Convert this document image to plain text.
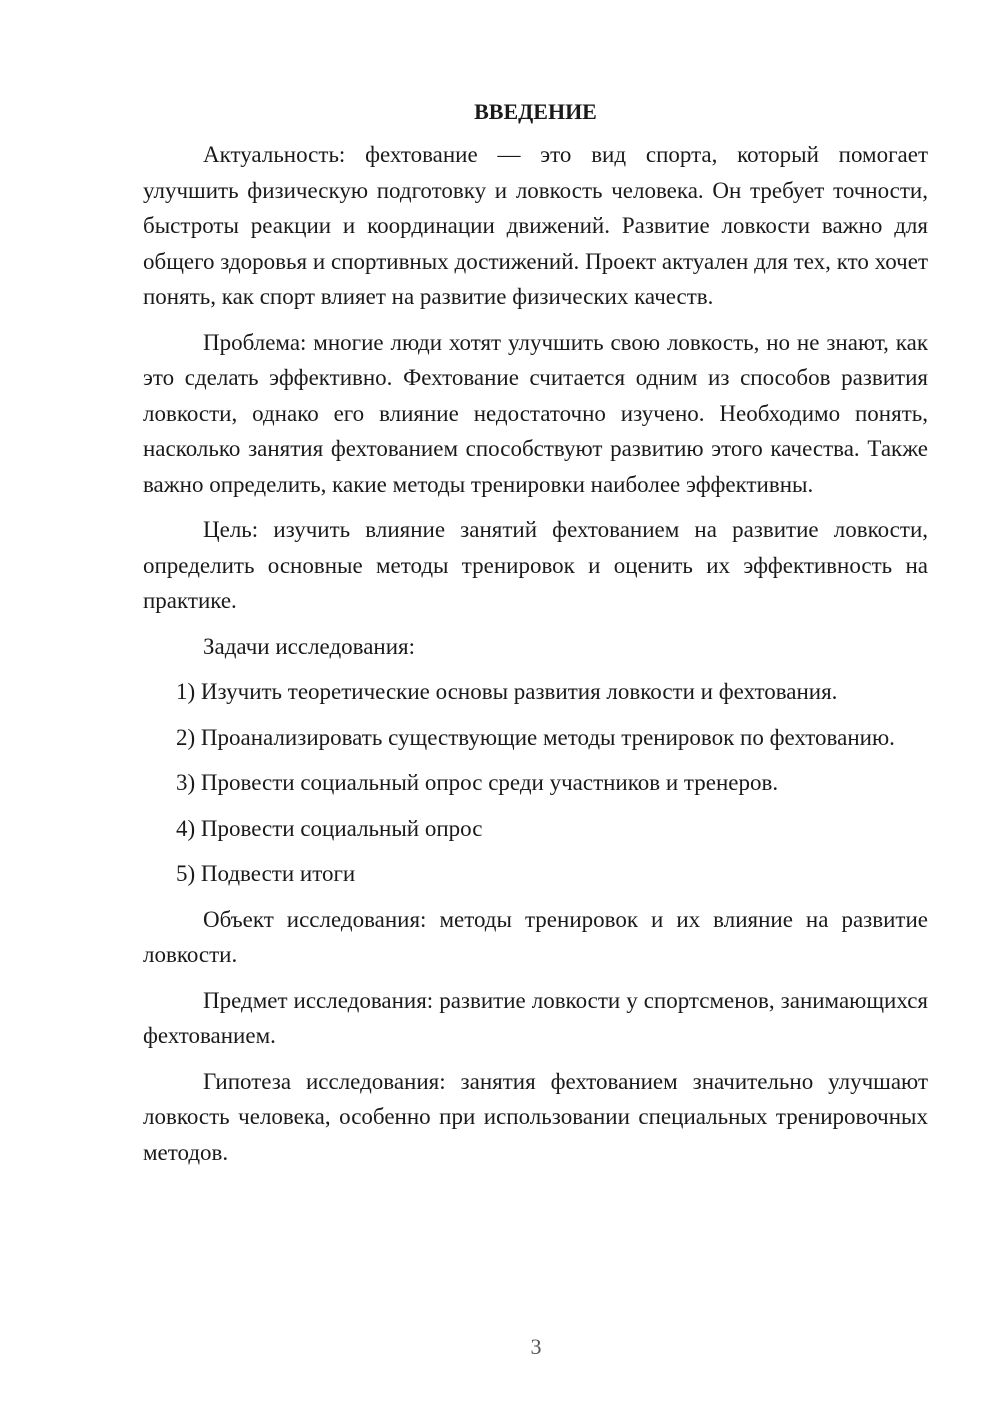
ВВЕДЕНИЕ

Актуальность: фехтование — это вид спорта, который помогает улучшить физическую подготовку и ловкость человека. Он требует точности, быстроты реакции и координации движений. Развитие ловкости важно для общего здоровья и спортивных достижений. Проект актуален для тех, кто хочет понять, как спорт влияет на развитие физических качеств.

Проблема: многие люди хотят улучшить свою ловкость, но не знают, как это сделать эффективно. Фехтование считается одним из способов развития ловкости, однако его влияние недостаточно изучено. Необходимо понять, насколько занятия фехтованием способствуют развитию этого качества. Также важно определить, какие методы тренировки наиболее эффективны.

Цель: изучить влияние занятий фехтованием на развитие ловкости, определить основные методы тренировок и оценить их эффективность на практике.

Задачи исследования:

1) Изучить теоретические основы развития ловкости и фехтования.

2) Проанализировать существующие методы тренировок по фехтованию.

3) Провести социальный опрос среди участников и тренеров.

4) Провести социальный опрос

5) Подвести итоги

Объект исследования: методы тренировок и их влияние на развитие ловкости.

Предмет исследования: развитие ловкости у спортсменов, занимающихся фехтованием.

Гипотеза исследования: занятия фехтованием значительно улучшают ловкость человека, особенно при использовании специальных тренировочных методов.

3
